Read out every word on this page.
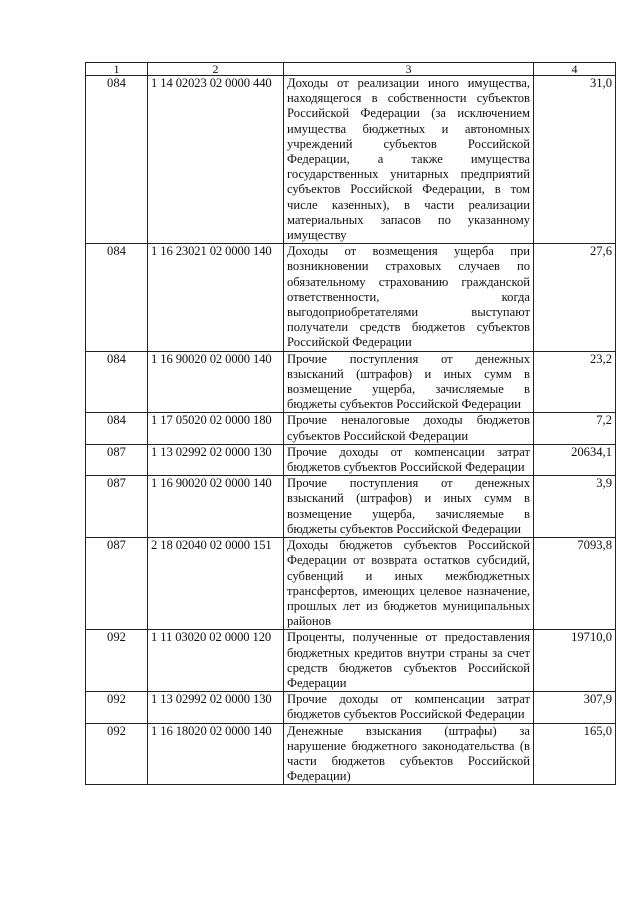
1	2	3	4
084	1 14 02023 02 0000 440	Доходы от реализации иного имущества, находящегося в собственности субъектов Российской Федерации (за исключением имущества бюджетных и автономных учреждений субъектов Российской Федерации, а также имущества государственных унитарных предприятий субъектов Российской Федерации, в том числе казенных), в части реализации материальных запасов по указанному имуществу	31,0
084	1 16 23021 02 0000 140	Доходы от возмещения ущерба при возникновении страховых случаев по обязательному страхованию гражданской ответственности, когда выгодоприобретателями выступают получатели средств бюджетов субъектов Российской Федерации	27,6
084	1 16 90020 02 0000 140	Прочие поступления от денежных взысканий (штрафов) и иных сумм в возмещение ущерба, зачисляемые в бюджеты субъектов Российской Федерации	23,2
084	1 17 05020 02 0000 180	Прочие неналоговые доходы бюджетов субъектов Российской Федерации	7,2
087	1 13 02992 02 0000 130	Прочие доходы от компенсации затрат бюджетов субъектов Российской Федерации	20634,1
087	1 16 90020 02 0000 140	Прочие поступления от денежных взысканий (штрафов) и иных сумм в возмещение ущерба, зачисляемые в бюджеты субъектов Российской Федерации	3,9
087	2 18 02040 02 0000 151	Доходы бюджетов субъектов Российской Федерации от возврата остатков субсидий, субвенций и иных межбюджетных трансфертов, имеющих целевое назначение, прошлых лет из бюджетов муниципальных районов	7093,8
092	1 11 03020 02 0000 120	Проценты, полученные от предоставления бюджетных кредитов внутри страны за счет средств бюджетов субъектов Российской Федерации	19710,0
092	1 13 02992 02 0000 130	Прочие доходы от компенсации затрат бюджетов субъектов Российской Федерации	307,9
092	1 16 18020 02 0000 140	Денежные взыскания (штрафы) за нарушение бюджетного законодательства (в части бюджетов субъектов Российской Федерации)	165,0
